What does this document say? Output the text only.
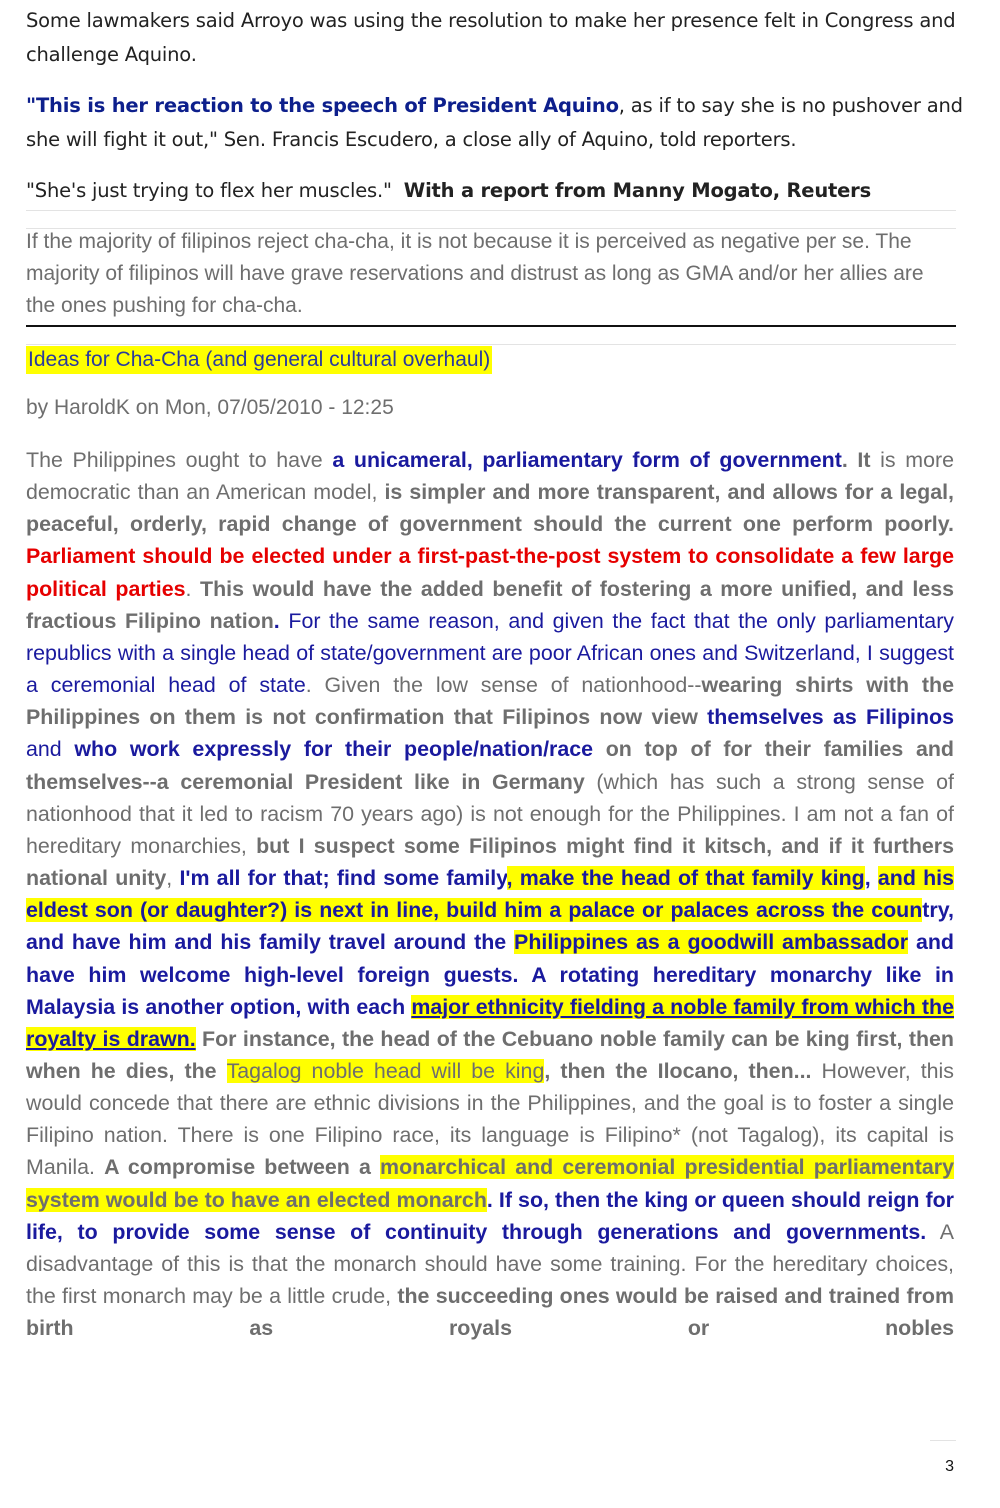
Some lawmakers said Arroyo was using the resolution to make her presence felt in Congress and challenge Aquino.
"This is her reaction to the speech of President Aquino, as if to say she is no pushover and she will fight it out," Sen. Francis Escudero, a close ally of Aquino, told reporters.
"She's just trying to flex her muscles." With a report from Manny Mogato, Reuters
If the majority of filipinos reject cha-cha, it is not because it is perceived as negative per se. The majority of filipinos will have grave reservations and distrust as long as GMA and/or her allies are the ones pushing for cha-cha.
Ideas for Cha-Cha (and general cultural overhaul)
by HaroldK on Mon, 07/05/2010 - 12:25
The Philippines ought to have a unicameral, parliamentary form of government. It is more democratic than an American model, is simpler and more transparent, and allows for a legal, peaceful, orderly, rapid change of government should the current one perform poorly. Parliament should be elected under a first-past-the-post system to consolidate a few large political parties. This would have the added benefit of fostering a more unified, and less fractious Filipino nation. For the same reason, and given the fact that the only parliamentary republics with a single head of state/government are poor African ones and Switzerland, I suggest a ceremonial head of state. Given the low sense of nationhood--wearing shirts with the Philippines on them is not confirmation that Filipinos now view themselves as Filipinos and who work expressly for their people/nation/race on top of for their families and themselves--a ceremonial President like in Germany (which has such a strong sense of nationhood that it led to racism 70 years ago) is not enough for the Philippines. I am not a fan of hereditary monarchies, but I suspect some Filipinos might find it kitsch, and if it furthers national unity, I'm all for that; find some family, make the head of that family king, and his eldest son (or daughter?) is next in line, build him a palace or palaces across the country, and have him and his family travel around the Philippines as a goodwill ambassador and have him welcome high-level foreign guests. A rotating hereditary monarchy like in Malaysia is another option, with each major ethnicity fielding a noble family from which the royalty is drawn. For instance, the head of the Cebuano noble family can be king first, then when he dies, the Tagalog noble head will be king, then the Ilocano, then... However, this would concede that there are ethnic divisions in the Philippines, and the goal is to foster a single Filipino nation. There is one Filipino race, its language is Filipino* (not Tagalog), its capital is Manila. A compromise between a monarchical and ceremonial presidential parliamentary system would be to have an elected monarch. If so, then the king or queen should reign for life, to provide some sense of continuity through generations and governments. A disadvantage of this is that the monarch should have some training. For the hereditary choices, the first monarch may be a little crude, the succeeding ones would be raised and trained from birth as royals or nobles
3
